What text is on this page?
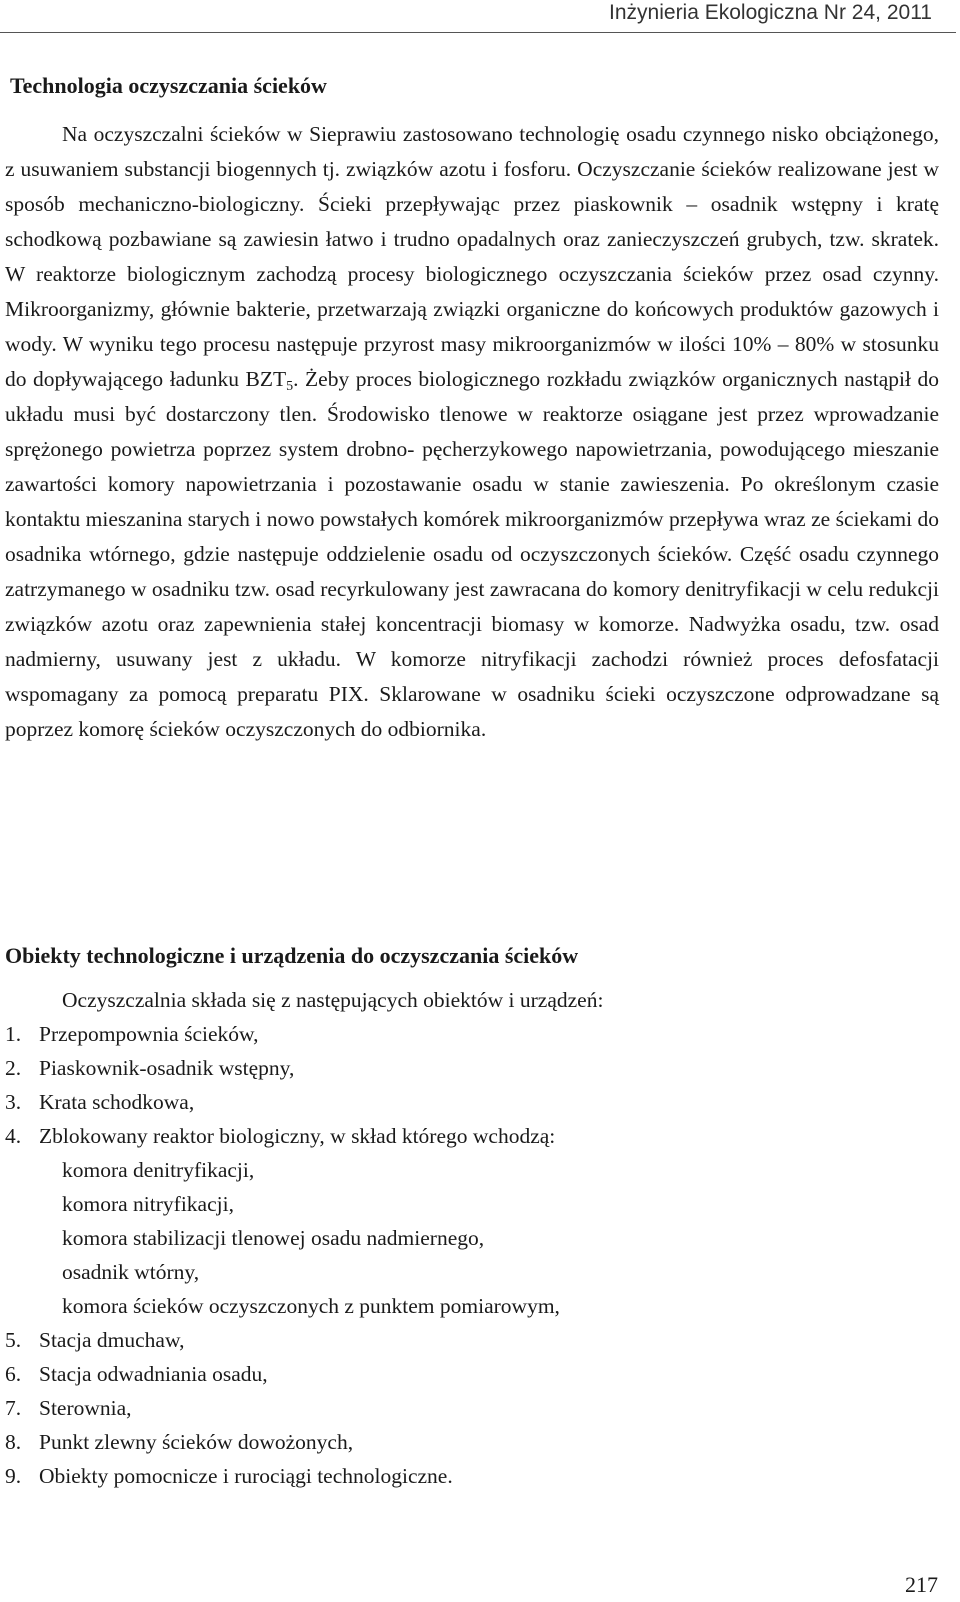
Inżynieria Ekologiczna Nr 24, 2011
Technologia oczyszczania ścieków

Na oczyszczalni ścieków w Sieprawiu zastosowano technologię osadu czynnego nisko obciążonego, z usuwaniem substancji biogennych tj. związków azotu i fosforu. Oczyszczanie ścieków realizowane jest w sposób mechaniczno-biologiczny. Ścieki przepływając przez piaskownik – osadnik wstępny i kratę schodkową pozbawiane są zawiesin łatwo i trudno opadalnych oraz zanieczyszczeń grubych, tzw. skratek. W reaktorze biologicznym zachodzą procesy biologicznego oczyszczania ścieków przez osad czynny. Mikroorganizmy, głównie bakterie, przetwarzają związki organiczne do końcowych produktów gazowych i wody. W wyniku tego procesu następuje przyrost masy mikroorganizmów w ilości 10% – 80% w stosunku do dopływającego ładunku $BZT_5$. Żeby proces biologicznego rozkładu związków organicznych nastąpił do układu musi być dostarczony tlen. Środowisko tlenowe w reaktorze osiągane jest przez wprowadzanie sprężonego powietrza poprzez system drobno- pęcherzykowego napowietrzania, powodującego mieszanie zawartości komory napowietrzania i pozostawanie osadu w stanie zawieszenia. Po określonym czasie kontaktu mieszanina starych i nowo powstałych komórek mikroorganizmów przepływa wraz ze ściekami do osadnika wtórnego, gdzie następuje oddzielenie osadu od oczyszczonych ścieków. Część osadu czynnego zatrzymanego w osadniku tzw. osad recyrkulowany jest zawracana do komory denitryfikacji w celu redukcji związków azotu oraz zapewnienia stałej koncentracji biomasy w komorze. Nadwyżka osadu, tzw. osad nadmierny, usuwany jest z układu. W komorze nitryfikacji zachodzi również proces defosfatacji wspomagany za pomocą preparatu PIX. Sklarowane w osadniku ścieki oczyszczone odprowadzane są poprzez komorę ścieków oczyszczonych do odbiornika.

Obiekty technologiczne i urządzenia do oczyszczania ścieków

Oczyszczalnia składa się z następujących obiektów i urządzeń:

1. Przepompownia ścieków,
2. Piaskownik-osadnik wstępny,
3. Krata schodkowa,
4. Zblokowany reaktor biologiczny, w skład którego wchodzą:
komora denitryfikacji,
komora nitryfikacji,
komora stabilizacji tlenowej osadu nadmiernego,
osadnik wtórny,
komora ścieków oczyszczonych z punktem pomiarowym,
5. Stacja dmuchaw,
6. Stacja odwadniania osadu,
7. Sterownia,
8. Punkt zlewny ścieków dowożonych,
9. Obiekty pomocnicze i rurociągi technologiczne.
217
